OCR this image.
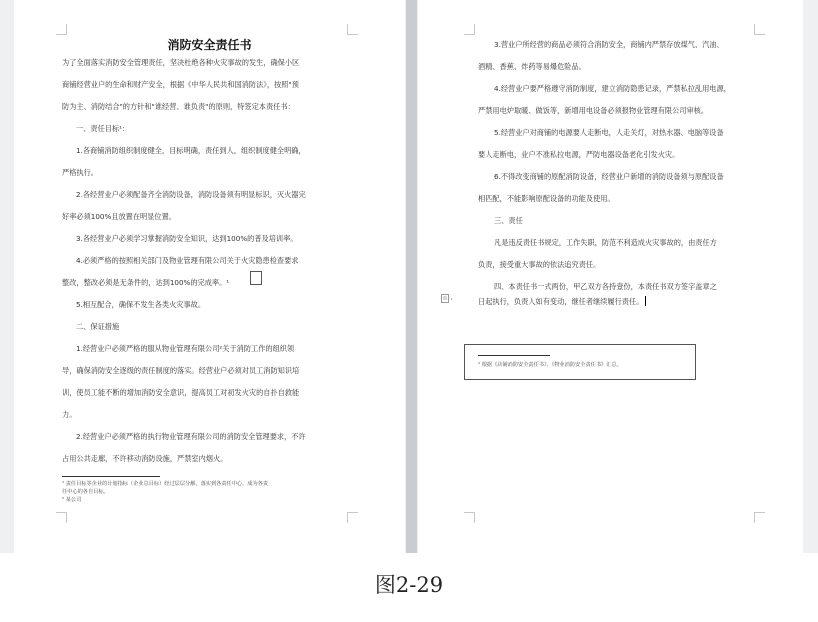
消防安全责任书
为了全面落实消防安全管理责任，坚决杜绝各种火灾事故的发生，确保小区
商铺经营业户的生命和财产安全，根据《中华人民共和国消防法》，按照"预
防为主、消防结合"的方针和"谁经营、谁负责"的原则，特签定本责任书：
一、责任目标¹：
1.各商铺消防组织制度健全，目标明确，责任到人，组织制度健全明确，
严格执行。
2.各经营业户必须配备齐全消防设备，消防设备须有明显标识，灭火器完
好率必须100%且放置在明显位置。
3.各经营业户必须学习掌握消防安全知识，达到100%的普及培训率。
4.必须严格的按照相关部门及物业管理有限公司关于火灾隐患检查要求
整改，整改必须是无条件的，达到100%的完成率。¹
5.相互配合，确保不发生各类火灾事故。
二、保证措施
1.经营业户必须严格的服从物业管理有限公司²关于消防工作的组织领
导，确保消防安全逐级的责任制度的落实。经营业户必须对员工消防知识培
训，使员工能不断的增加消防安全意识，提高员工对初发火灾的自扑自救能
力。
2.经营业户必须严格的执行物业管理有限公司的消防安全管理要求，不许
占用公共走廊，不许移动消防设施，严禁室内烟火。
¹ 责任目标等企业的计划指标（企业总目标）经过层层分解，落实到各责任中心，成为各责
任中心的各自目标。
² 某公司
3.营业户所经营的商品必须符合消防安全，商铺内严禁存放煤气、汽油、
酒精、香蕉、炸药等易爆危险品。
4.经营业户要严格遵守消防制度，建立消防隐患记录，严禁私拉乱用电源，
严禁用电炉取暖、做饭等，新增用电设备必须报物业管理有限公司审核。
5.经营业户对商铺的电源要人走断电，人走关灯，对热水器、电脑等设备
要人走断电，业户不准私拉电源，严防电器设备老化引发火灾。
6.不得改变商铺的原配消防设备，经营业户新增的消防设备须与原配设备
相匹配，不能影响原配设备的功能及使用。
三、责任
凡是违反责任书规定，工作失职，防范不利造成火灾事故的，由责任方
负责，接受重大事故的依法追究责任。
四、本责任书一式两份，甲乙双方各持壹份，本责任书双方签字盖章之
日起执行，负责人如有变动，继任者继续履行责任。
¹ 根据《店铺消防安全责任书》、《物业消防安全责任书》汇总。
图2-29
